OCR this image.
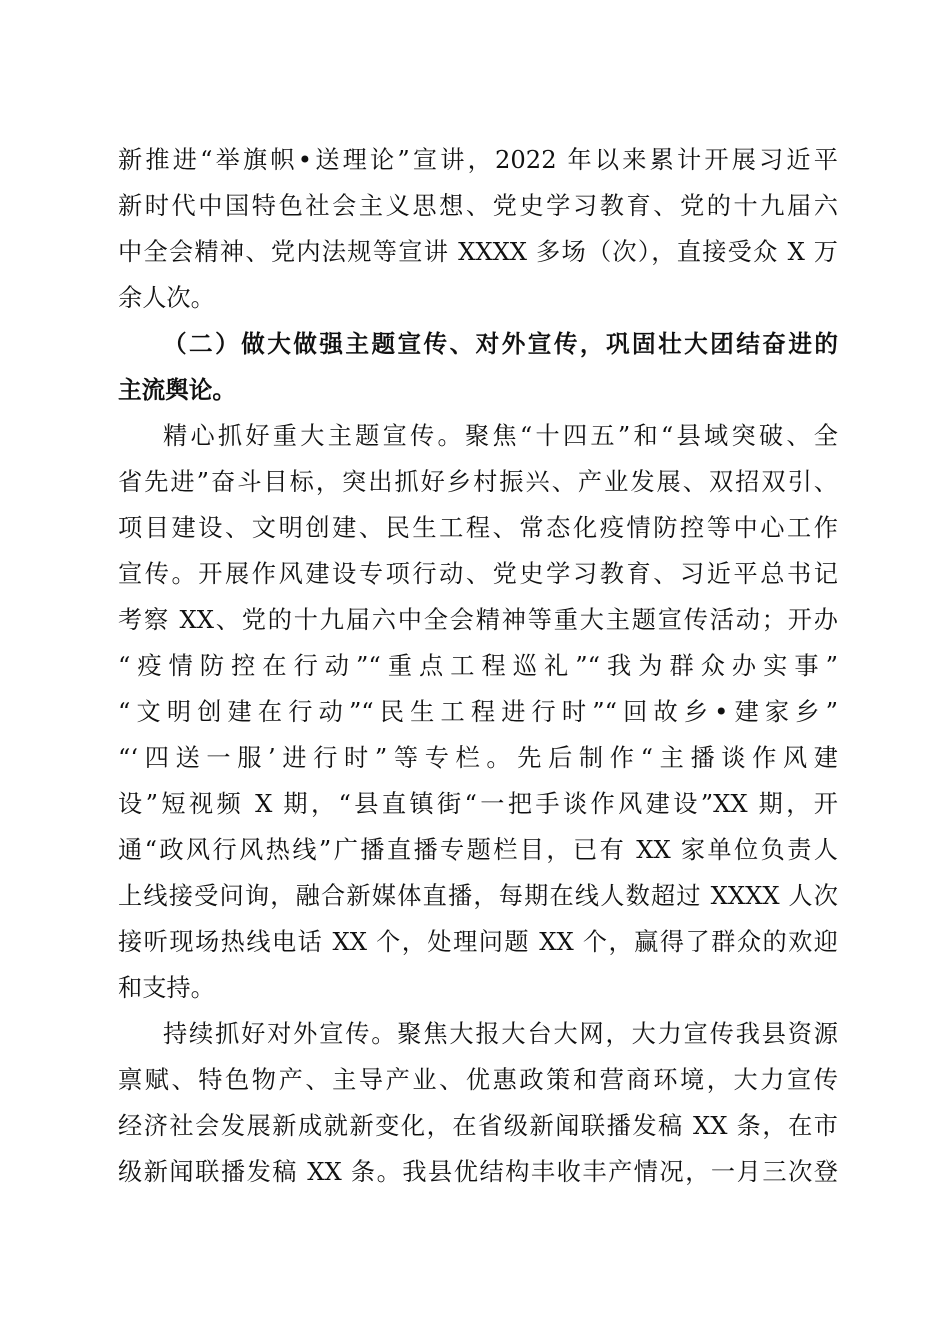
新推进“举旗帜•送理论”宣讲，2022 年以来累计开展习近平
新时代中国特色社会主义思想、党史学习教育、党的十九届六
中全会精神、党内法规等宣讲 XXXX 多场（次），直接受众 X 万
余人次。
（二）做大做强主题宣传、对外宣传，巩固壮大团结奋进的
主流舆论。
精心抓好重大主题宣传。聚焦“十四五”和“县域突破、全
省先进”奋斗目标，突出抓好乡村振兴、产业发展、双招双引、
项目建设、文明创建、民生工程、常态化疫情防控等中心工作
宣传。开展作风建设专项行动、党史学习教育、习近平总书记
考察 XX、党的十九届六中全会精神等重大主题宣传活动；开办
“疫情防控在行动”“重点工程巡礼”“我为群众办实事”
“文明创建在行动”“民生工程进行时”“回故乡•建家乡”
“‘四送一服’进行时”等专栏。先后制作“主播谈作风建
设”短视频 X 期，“县直镇街“一把手谈作风建设”XX 期，开
通“政风行风热线”广播直播专题栏目，已有 XX 家单位负责人
上线接受问询，融合新媒体直播，每期在线人数超过 XXXX 人次
接听现场热线电话 XX 个，处理问题 XX 个，赢得了群众的欢迎
和支持。
持续抓好对外宣传。聚焦大报大台大网，大力宣传我县资源
禀赋、特色物产、主导产业、优惠政策和营商环境，大力宣传
经济社会发展新成就新变化，在省级新闻联播发稿 XX 条，在市
级新闻联播发稿 XX 条。我县优结构丰收丰产情况，一月三次登
